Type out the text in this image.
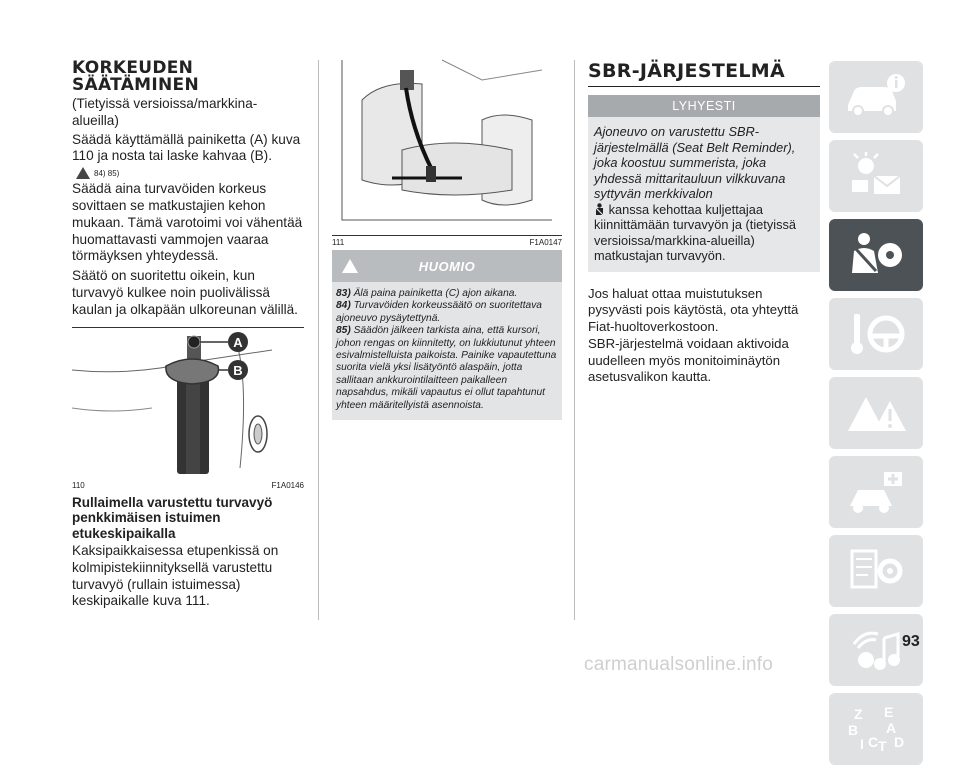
KORKEUDEN
SÄÄTÄMINEN
(Tietyissä versioissa/markkina-alueilla)
Säädä käyttämällä painiketta (A) kuva 110 ja nosta tai laske kahvaa (B).
84) 85)
Säädä aina turvavöiden korkeus sovittaen se matkustajien kehon mukaan. Tämä varotoimi voi vähentää huomattavasti vammojen vaaraa törmäyksen yhteydessä.
Säätö on suoritettu oikein, kun turvavyö kulkee noin puolivälissä kaulan ja olkapään ulkoreunan välillä.
A
B
110	F1A0146
Rullaimella varustettu turvavyö penkkimäisen istuimen etukeskipaikalla
Kaksipaikkaisessa etupenkissä on kolmipistekiinnityksellä varustettu turvavyö (rullain istuimessa) keskipaikalle kuva 111.
111	F1A0147
HUOMIO
83) Älä paina painiketta (C) ajon aikana.
84) Turvavöiden korkeussäätö on suoritettava ajoneuvo pysäytettynä.
85) Säädön jälkeen tarkista aina, että kursori, johon rengas on kiinnitetty, on lukkiutunut yhteen esivalmistelluista paikoista. Painike vapautettuna suorita vielä yksi lisätyöntö alaspäin, jotta sallitaan ankkurointilaitteen paikalleen napsahdus, mikäli vapautus ei ollut tapahtunut yhteen määritellyistä asennoista.
SBR-JÄRJESTELMÄ
LYHYESTI
Ajoneuvo on varustettu SBR-järjestelmällä (Seat Belt Reminder), joka koostuu summerista, joka yhdessä mittaritauluun vilkkuvana syttyvän merkkivalon
kanssa kehottaa kuljettajaa kiinnittämään turvavyön ja (tietyissä versioissa/markkina-alueilla) matkustajan turvavyön.
Jos haluat ottaa muistutuksen pysyvästi pois käytöstä, ota yhteyttä Fiat-huoltoverkostoon.
SBR-järjestelmä voidaan aktivoida uudelleen myös monitoiminäytön asetusvalikon kautta.
Z E
B A
I C T D
93
carmanualsonline.info
